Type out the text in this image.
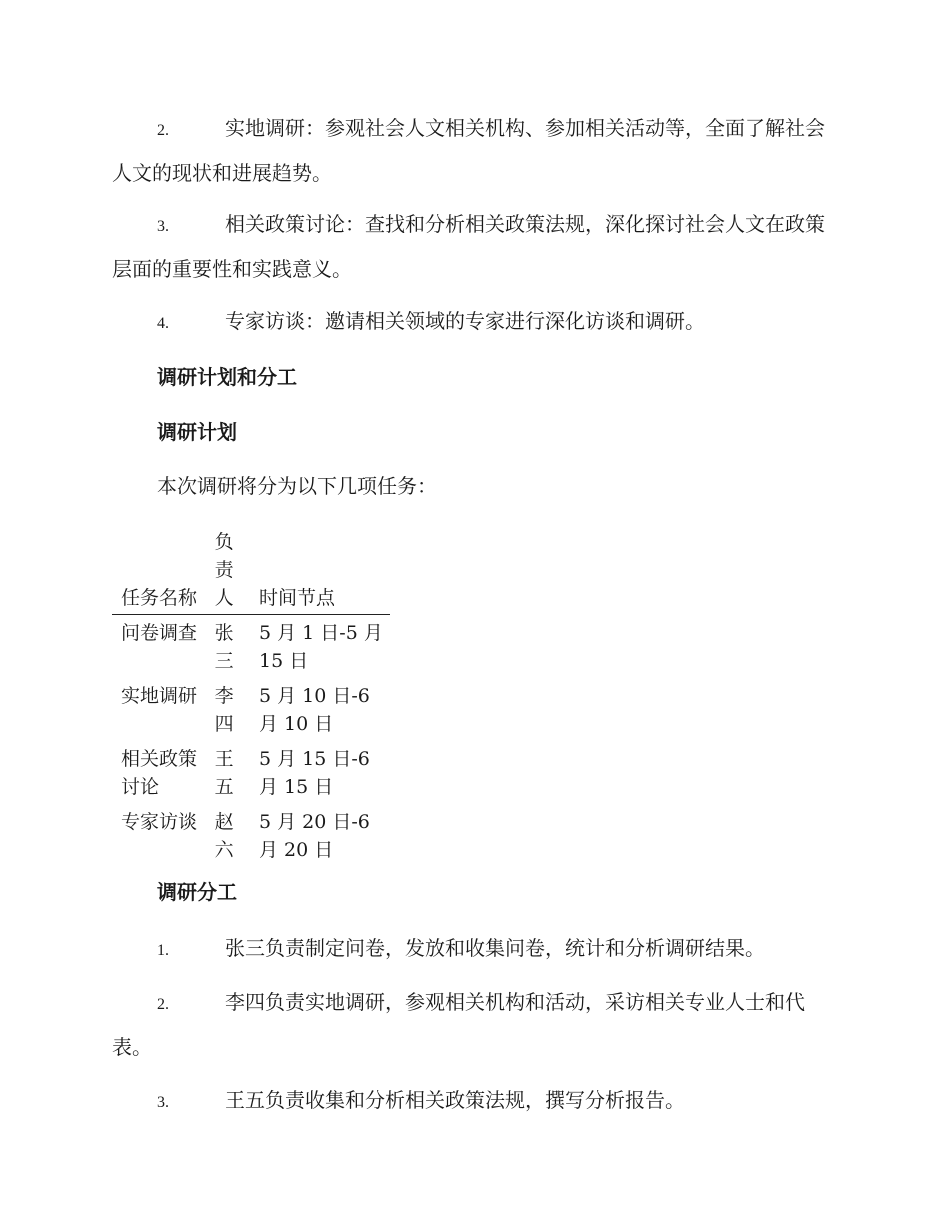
2.	实地调研：参观社会人文相关机构、参加相关活动等，全面了解社会人文的现状和进展趋势。

3.	相关政策讨论：查找和分析相关政策法规，深化探讨社会人文在政策层面的重要性和实践意义。

4.	专家访谈：邀请相关领域的专家进行深化访谈和调研。

调研计划和分工
调研计划

本次调研将分为以下几项任务：

任务名称	负责人	时间节点

问卷调查	张三	5 月 1 日-5 月 15 日

实地调研	李四	5 月 10 日-6 月 10 日

相关政策讨论	王五	5 月 15 日-6 月 15 日

专家访谈	赵六	5 月 20 日-6 月 20 日
调研分工

1.	张三负责制定问卷，发放和收集问卷，统计和分析调研结果。

2.	李四负责实地调研，参观相关机构和活动，采访相关专业人士和代表。

3.	王五负责收集和分析相关政策法规，撰写分析报告。
